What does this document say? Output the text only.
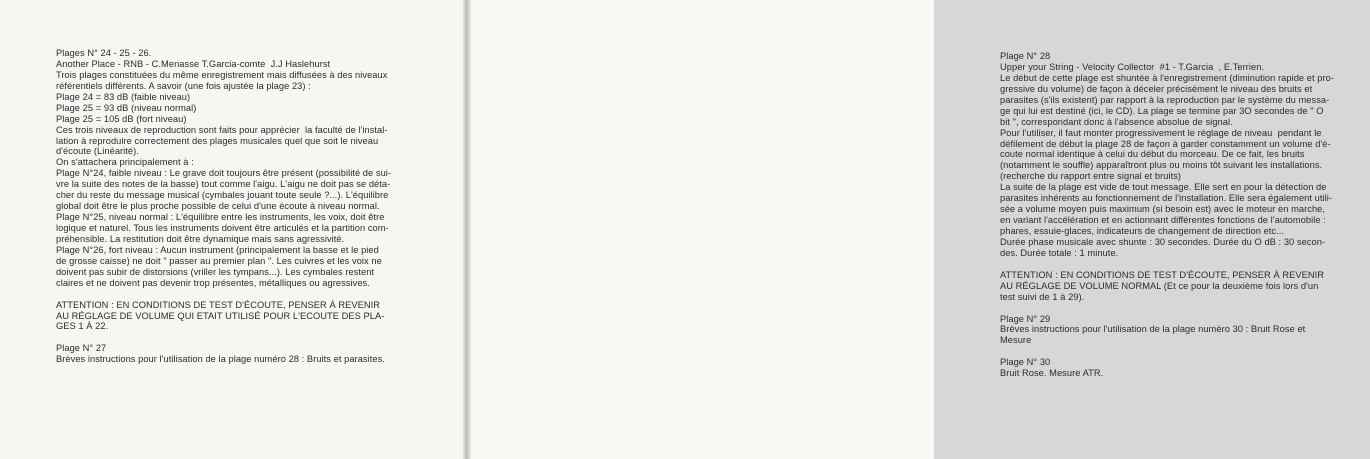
Plages N° 24 - 25 - 26.
Another Place - RNB - C.Menasse T.Garcia-comte  J.J Haslehurst
Trois plages constituées du même enregistrement mais diffusées à des niveaux
référentiels différents. A savoir (une fois ajustée la plage 23) :
Plage 24 = 83 dB (faible niveau)
Plage 25 = 93 dB (niveau normal)
Plage 25 = 105 dB (fort niveau)
Ces trois niveaux de reproduction sont faits pour apprécier  la faculté de l'instal-
lation à reproduire correctement des plages musicales quel que soit le niveau
d'écoute (Linéarité).
On s'attachera principalement à :
Plage N°24, faible niveau : Le grave doit toujours être présent (possibilité de sui-
vre la suite des notes de la basse) tout comme l'aigu. L'aigu ne doit pas se déta-
cher du reste du message musical (cymbales jouant toute seule ?...). L'équilibre
global doit être le plus proche possible de celui d'une écoute à niveau normal.
Plage N°25, niveau normal : L'équilibre entre les instruments, les voix, doit être
logique et naturel. Tous les instruments doivent être articulés et la partition com-
préhensible. La restitution doit être dynamique mais sans agressivité.
Plage N°26, fort niveau : Aucun instrument (principalement la basse et le pied
de grosse caisse) ne doit " passer au premier plan ". Les cuivres et les voix ne
doivent pas subir de distorsions (vriller les tympans...). Les cymbales restent
claires et ne doivent pas devenir trop présentes, métalliques ou agressives.
ATTENTION : EN CONDITIONS DE TEST D'ÉCOUTE, PENSER À REVENIR
AU RÉGLAGE DE VOLUME QUI ETAIT UTILISÉ POUR L'ECOUTE DES PLA-
GES 1 À 22.
Plage N° 27
Brèves instructions pour l'utilisation de la plage numéro 28 : Bruits et parasites.
Plage N° 28
Upper your String - Velocity Collector  #1 - T.Garcia  , E.Terrien.
Le début de cette plage est shuntée à l'enregistrement (diminution rapide et pro-
gressive du volume) de façon à déceler précisément le niveau des bruits et
parasites (s'ils existent) par rapport à la reproduction par le système du messa-
ge qui lui est destiné (ici, le CD). La plage se termine par 3O secondes de " O
bit ", correspondant donc à l'absence absolue de signal.
Pour l'utiliser, il faut monter progressivement le réglage de niveau  pendant le
défilement de début la plage 28 de façon à garder constamment un volume d'é-
coute normal identique à celui du début du morceau. De ce fait, les bruits
(notamment le souffle) apparaîtront plus ou moins tôt suivant les installations.
(recherche du rapport entre signal et bruits)
La suite de la plage est vide de tout message. Elle sert en pour la détection de
parasites inhérents au fonctionnement de l'installation. Elle sera également utili-
sée a volume moyen puis maximum (si besoin est) avec le moteur en marche,
en variant l'accélération et en actionnant différentes fonctions de l'automobile :
phares, essuie-glaces, indicateurs de changement de direction etc...
Durée phase musicale avec shunte : 30 secondes. Durée du O dB : 30 secon-
des. Durée totale : 1 minute.
ATTENTION : EN CONDITIONS DE TEST D'ÉCOUTE, PENSER À REVENIR
AU RÉGLAGE DE VOLUME NORMAL (Et ce pour la deuxième fois lors d'un
test suivi de 1 à 29).
Plage N° 29
Brèves instructions pour l'utilisation de la plage numéro 30 : Bruit Rose et
Mesure
Plage N° 30
Bruit Rose. Mesure ATR.
